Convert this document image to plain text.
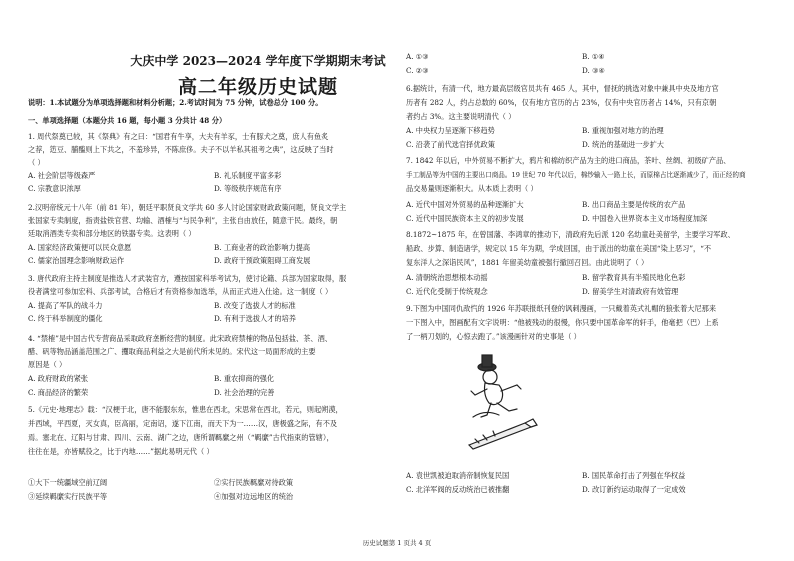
大庆中学 2023—2024 学年度下学期期末考试
高二年级历史试题
说明：1.本试题分为单项选择题和材料分析题；2.考试时间为 75 分钟，试卷总分 100 分。
一、单项选择题（本题分共 16 题，每小题 3 分共计 48 分）
1. 周代祭奠已较，其《祭典》有之曰：“国君有牛享，大夫有羊豕，士有豚犬之奠，庶人有鱼炙
之荐，笾豆、脯醢则上下共之，不羞珍异，不陈庶侈。夫子不以羊私其祖考之典”，这反映了当时
（ ）
A. 社会阶层等级森严	B. 礼乐制度平富多彩
C. 宗教意识浓厚	D. 等级秩序规范有序
2.汉明帝统元十八年（前 81 年），朝廷平职贤良文学共 60 多人讨论国家财政政策问题，贤良文学主
张国家专卖制度，指责盐铁官营、均输、酒榷与“与民争利”，主张自由放任，随意干民。最终，朝
廷取消酒类专卖和部分地区的铁器专卖。这表明（ ）
A. 国家经济政策便可以民众意愿	B. 工商业者的政治影响力提高
C. 儒家治国理念影响财政运作	D. 政府干预政策阻碍工商发展
3. 唐代政府主持主制度是推选人才武装官方，遵按国家科举考试为，使讨论籍、兵部为国家取得，服
役者满堂可参加宏科、兵部考试，合格后才有资格参加选举，从而正式进入仕途。这一制度（ ）
A. 提高了军队的战斗力	B. 改变了选拔人才的标准
C. 终于科举制度的僵化	D. 有利于选拔人才的培养
4. “禁榷”是中国古代专营商品采取政府垄断经营的制度。此宋政府禁榷的物品包括盐、茶、酒、
醋、矾等物品涵盖范围之广、攫取商品利益之大是前代所未见的。宋代这一局面形成的主要
原因是（ ）
A. 政府财政的紧张	B. 重农抑商的强化
C. 商品经济的繁荣	D. 社会治理的完善
5.《元史·地理志》载：“汉梗于北，唐不能服东东，惟患在西北，宋思常在西北，若元，则起朔漠，
并西域，平西夏，灭女真，臣高丽，定南诏，遂下江南，而天下为一……汉，唐极盛之际，有不及
焉。塞北在、辽阳与甘肃、四川、云南、湖广之边，唐所谓羁縻之州（“羁縻”古代指束的管辖），
往往在是，亦皆赋役之，比于内地……”据此易明元代（ ）
①大下一统疆域空前辽阔	②实行民族羁縻对待政策
③延续羁縻实行民族平等	④加强对边远地区的统治
A. ①③	B. ①④
C. ②③	D. ③④
6.据统计，有清一代，地方最高层级官员共有 465 人，其中，督抚的挑选对象中兼具中央及地方官
历者有 282 人，约占总数的 60%，仅有地方官历的占 23%，仅有中央官历者占 14%，只有京朝
者约占 3%。这主要说明清代（ ）
A. 中央权力呈逐渐下移趋势	B. 重视加强对地方的治理
C. 沿袭了前代选官择优政策	D. 统治的基础进一步扩大
7. 1842 年以后，中外贸易不断扩大，鸦片和棉纺织产品为主的进口商品，茶叶、丝绸、初级矿产品、
手工制品等为中国的主要出口商品。19 世纪 70 年代以后，棉纱输入一路上长，而原棉占比逐渐减少了，而正经的商
品交易量则逐渐积大。从本质上表明（ ）
A. 近代中国对外贸易的品种逐渐扩大	B. 出口商品主要是传统的农产品
C. 近代中国民族资本主义的初步发展	D. 中国卷入世界资本主义市场程度加深
8.1872~1875 年，在曾国藩、李鸿章的推动下，清政府先后派 120 名幼童赴美留学，主要学习军政、
船政、步算、制造诸学，规定以 15 年为期，学成回国，由于派出的幼童在美国“染上恶习”，“不
复东洋人之深诣民风”，1881 年留美幼童被强行撤回召回。由此说明了（ ）
A. 清朝统治思想根本动摇	B. 留学教育具有半殖民地化色彩
C. 近代化受制于传统观念	D. 留美学生对清政府有效管理
9.下图为中国同仇敌忾的 1926 年苏联报纸刊登的讽刺漫画，一只戴着英式礼帽的狼张着大尼那来
一下图入中，图画配有文字说明：“他被残动的很慢，你只要中国革命军的轩手，他毫把（巴）上系
了一柄刀划的，心惊去跑了。”该漫画针对的史事是（ ）
A. 袁世凯被迫取消帝制恢复民国	B. 国民革命打击了列强在华权益
C. 北洋军阀的反动统治已被推翻	D. 改订新约运动取得了一定成效
历史试题第 1 页共 4 页
